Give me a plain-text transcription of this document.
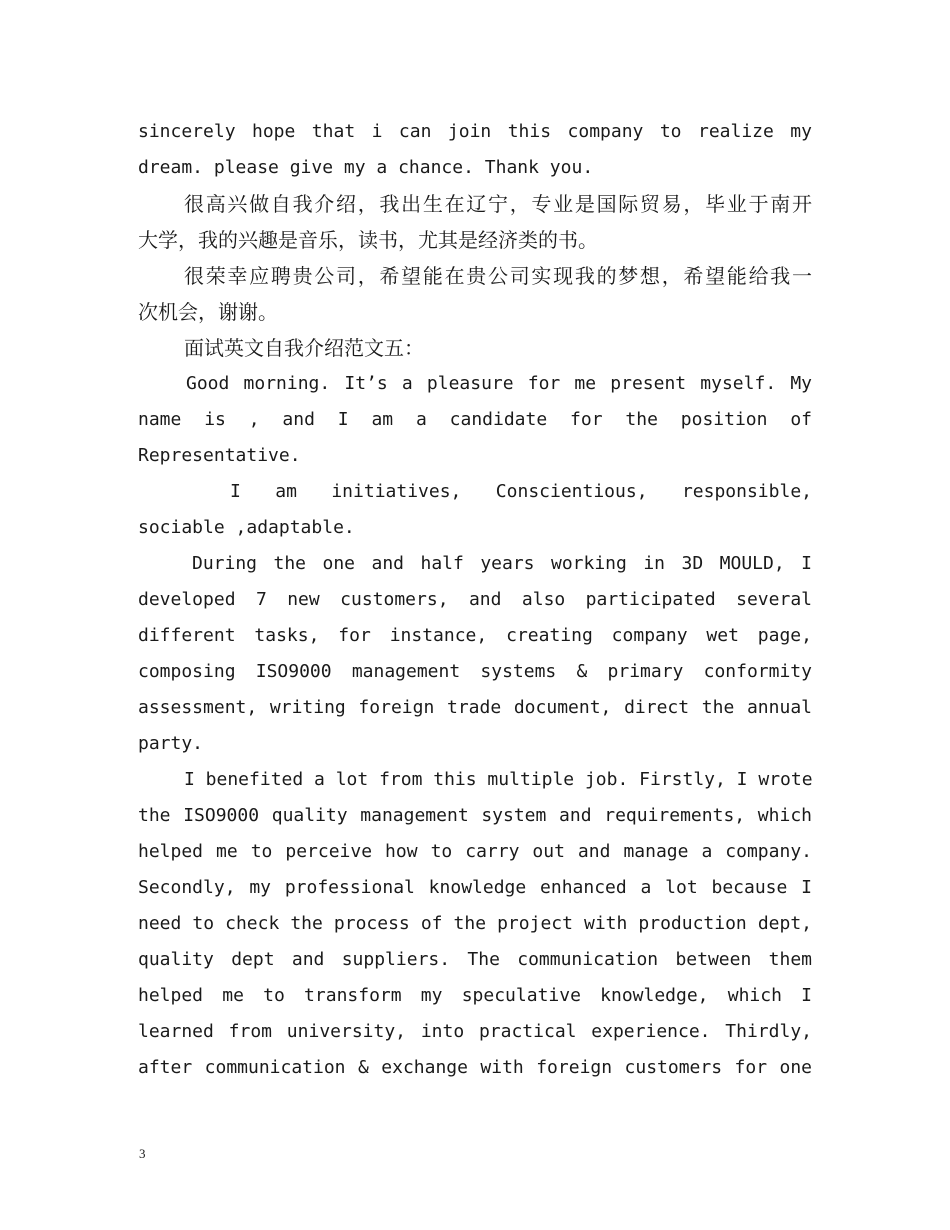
sincerely hope that i can join this company to realize my
dream. please give my a chance. Thank you.
很高兴做自我介绍，我出生在辽宁，专业是国际贸易，毕业于南开
大学，我的兴趣是音乐，读书，尤其是经济类的书。
很荣幸应聘贵公司，希望能在贵公司实现我的梦想，希望能给我一
次机会，谢谢。
面试英文自我介绍范文五：
Good morning. It’s a pleasure for me present myself. My
name is , and I am a candidate for the position of
Representative.
I am initiatives, Conscientious, responsible,
sociable ,adaptable.
During the one and half years working in 3D MOULD, I
developed 7 new customers, and also participated several
different tasks, for instance, creating company wet page,
composing ISO9000 management systems & primary conformity
assessment, writing foreign trade document, direct the annual
party.
I benefited a lot from this multiple job. Firstly, I wrote
the ISO9000 quality management system and requirements, which
helped me to perceive how to carry out and manage a company.
Secondly, my professional knowledge enhanced a lot because I
need to check the process of the project with production dept,
quality dept and suppliers. The communication between them
helped me to transform my speculative knowledge, which I
learned from university, into practical experience. Thirdly,
after communication & exchange with foreign customers for one
3
